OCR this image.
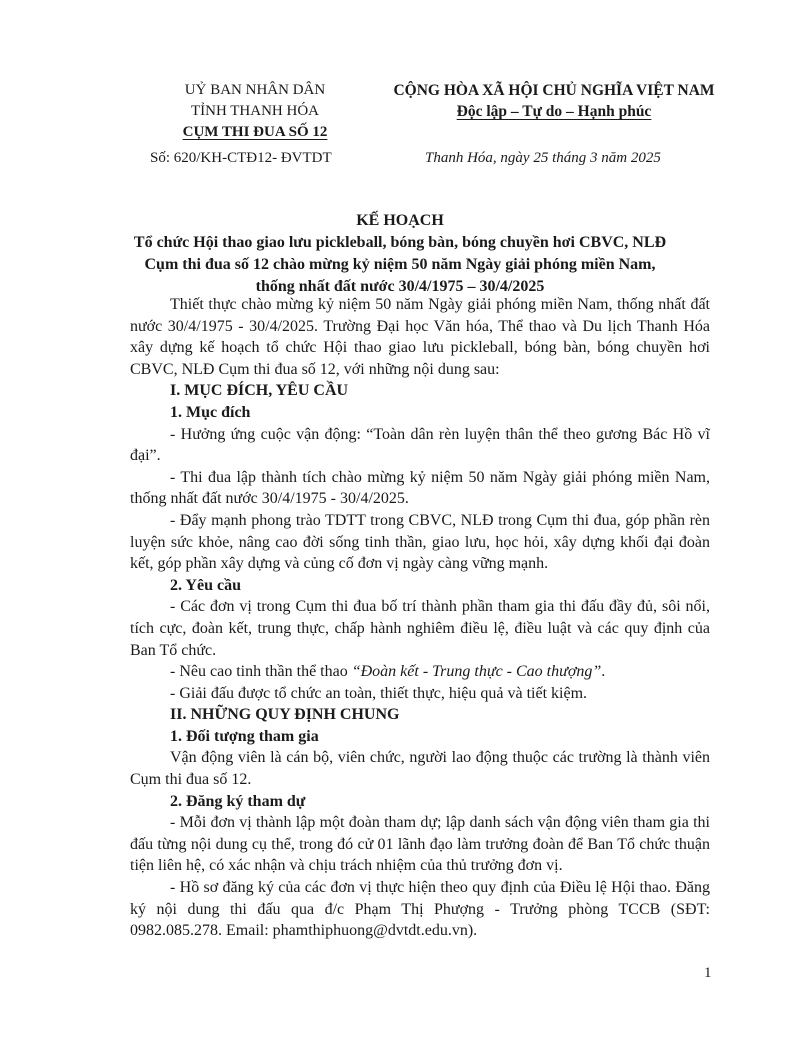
UỶ BAN NHÂN DÂN
TỈNH THANH HÓA
CỤM THI ĐUA SỐ 12
CỘNG HÒA XÃ HỘI CHỦ NGHĨA VIỆT NAM
Độc lập – Tự do – Hạnh phúc
Số: 620/KH-CTĐ12- ĐVTDT	Thanh Hóa, ngày 25 tháng 3 năm 2025
KẾ HOẠCH
Tổ chức Hội thao giao lưu pickleball, bóng bàn, bóng chuyền hơi CBVC, NLĐ
Cụm thi đua số 12 chào mừng kỷ niệm 50 năm Ngày giải phóng miền Nam,
thống nhất đất nước 30/4/1975 – 30/4/2025

Thiết thực chào mừng kỷ niệm 50 năm Ngày giải phóng miền Nam, thống nhất đất nước 30/4/1975 - 30/4/2025. Trường Đại học Văn hóa, Thể thao và Du lịch Thanh Hóa xây dựng kế hoạch tổ chức Hội thao giao lưu pickleball, bóng bàn, bóng chuyền hơi CBVC, NLĐ Cụm thi đua số 12, với những nội dung sau:

I. MỤC ĐÍCH, YÊU CẦU
1. Mục đích

- Hưởng ứng cuộc vận động: “Toàn dân rèn luyện thân thể theo gương Bác Hồ vĩ đại”.

- Thi đua lập thành tích chào mừng kỷ niệm 50 năm Ngày giải phóng miền Nam, thống nhất đất nước 30/4/1975 - 30/4/2025.

- Đẩy mạnh phong trào TDTT trong CBVC, NLĐ trong Cụm thi đua, góp phần rèn luyện sức khỏe, nâng cao đời sống tinh thần, giao lưu, học hỏi, xây dựng khối đại đoàn kết, góp phần xây dựng và củng cố đơn vị ngày càng vững mạnh.

2. Yêu cầu

- Các đơn vị trong Cụm thi đua bố trí thành phần tham gia thi đấu đầy đủ, sôi nổi, tích cực, đoàn kết, trung thực, chấp hành nghiêm điều lệ, điều luật và các quy định của Ban Tổ chức.

- Nêu cao tinh thần thể thao “Đoàn kết - Trung thực - Cao thượng”.

- Giải đấu được tổ chức an toàn, thiết thực, hiệu quả và tiết kiệm.

II. NHỮNG QUY ĐỊNH CHUNG
1. Đối tượng tham gia

Vận động viên là cán bộ, viên chức, người lao động thuộc các trường là thành viên Cụm thi đua số 12.

2. Đăng ký tham dự

- Mỗi đơn vị thành lập một đoàn tham dự; lập danh sách vận động viên tham gia thi đấu từng nội dung cụ thể, trong đó cử 01 lãnh đạo làm trưởng đoàn để Ban Tổ chức thuận tiện liên hệ, có xác nhận và chịu trách nhiệm của thủ trưởng đơn vị.

- Hồ sơ đăng ký của các đơn vị thực hiện theo quy định của Điều lệ Hội thao. Đăng ký nội dung thi đấu qua đ/c Phạm Thị Phượng - Trưởng phòng TCCB (SĐT: 0982.085.278. Email: phamthiphuong@dvtdt.edu.vn).

1
